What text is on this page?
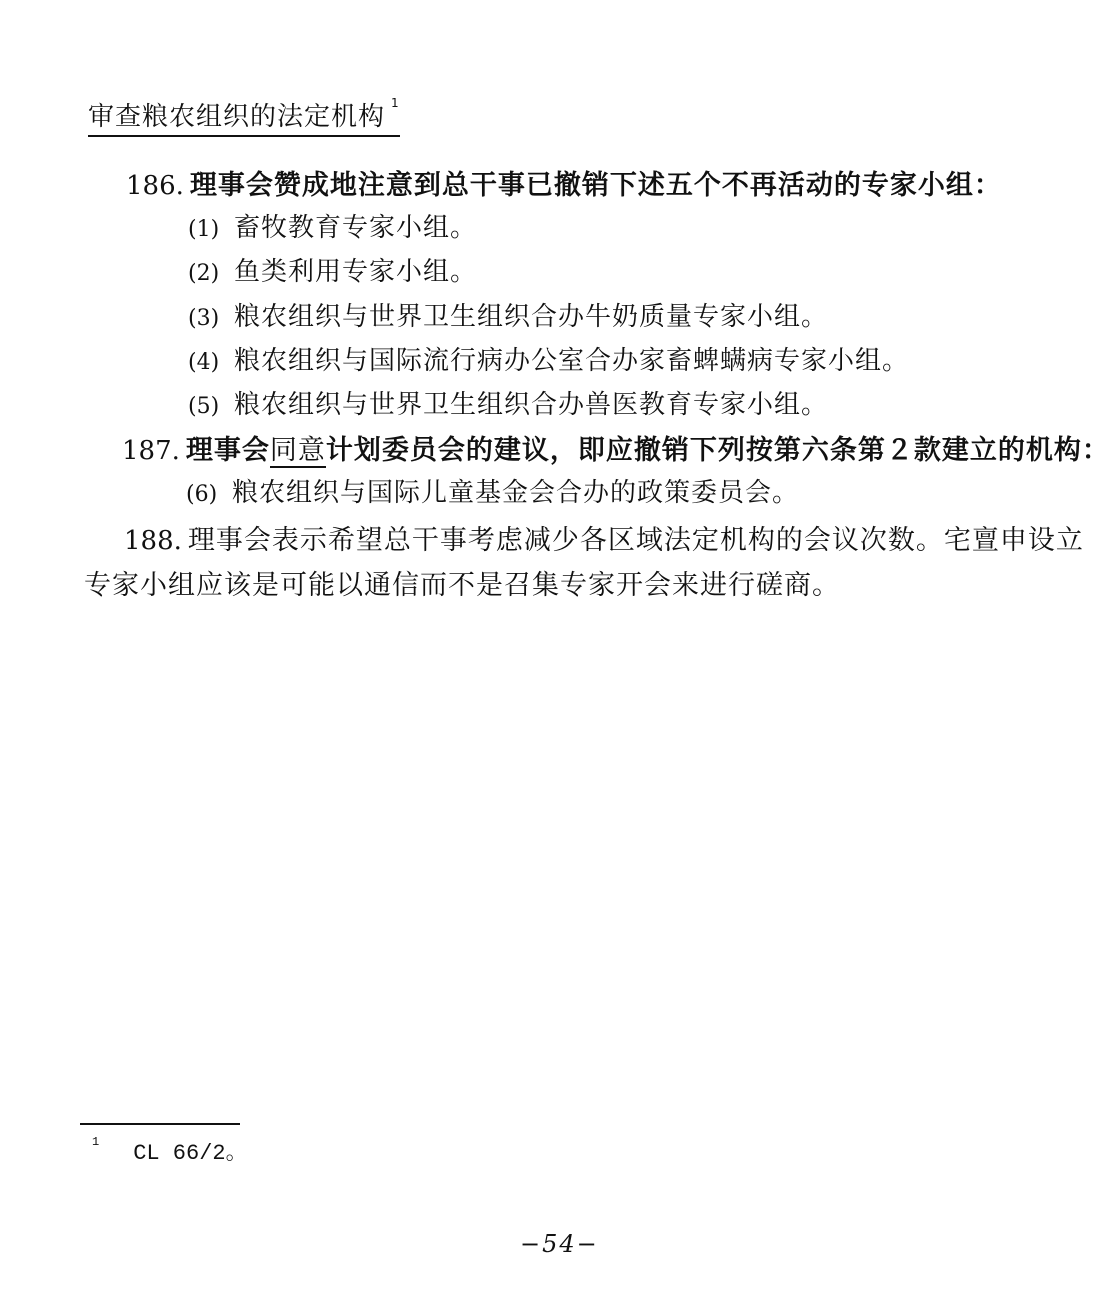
审查粮农组织的法定机构 $^1$
186. 理事会赞成地注意到总干事已撤销下述五个不再活动的专家小组：
(1) 畜牧教育专家小组。
(2) 鱼类利用专家小组。
(3) 粮农组织与世界卫生组织合办牛奶质量专家小组。
(4) 粮农组织与国际流行病办公室合办家畜蜱螨病专家小组。
(5) 粮农组织与世界卫生组织合办兽医教育专家小组。
187. 理事会同意计划委员会的建议，即应撤销下列按第六条第２款建立的机构：
(6) 粮农组织与国际儿童基金会合办的政策委员会。
188. 理事会表示希望总干事考虑减少各区域法定机构的会议次数。宅亶申设立
专家小组应该是可能以通信而不是召集专家开会来进行磋商。
$^1$ CL 66/2。
−54−
